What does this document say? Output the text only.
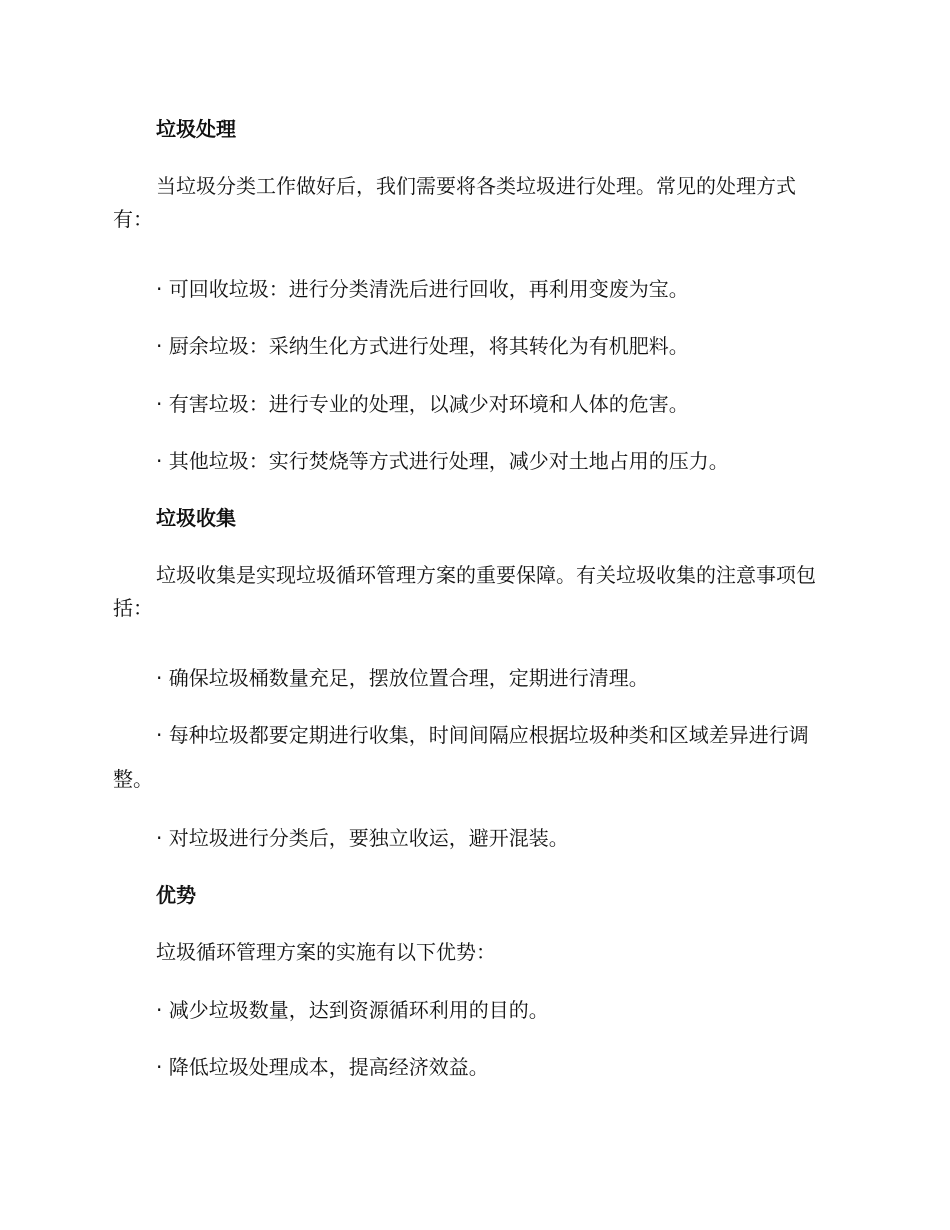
垃圾处理

当垃圾分类工作做好后，我们需要将各类垃圾进行处理。常见的处理方式有：

· 可回收垃圾：进行分类清洗后进行回收，再利用变废为宝。

· 厨余垃圾：采纳生化方式进行处理，将其转化为有机肥料。

· 有害垃圾：进行专业的处理，以减少对环境和人体的危害。

· 其他垃圾：实行焚烧等方式进行处理，减少对土地占用的压力。

垃圾收集

垃圾收集是实现垃圾循环管理方案的重要保障。有关垃圾收集的注意事项包括：

· 确保垃圾桶数量充足，摆放位置合理，定期进行清理。

· 每种垃圾都要定期进行收集，时间间隔应根据垃圾种类和区域差异进行调整。

· 对垃圾进行分类后，要独立收运，避开混装。

优势

垃圾循环管理方案的实施有以下优势：

· 减少垃圾数量，达到资源循环利用的目的。

· 降低垃圾处理成本，提高经济效益。
